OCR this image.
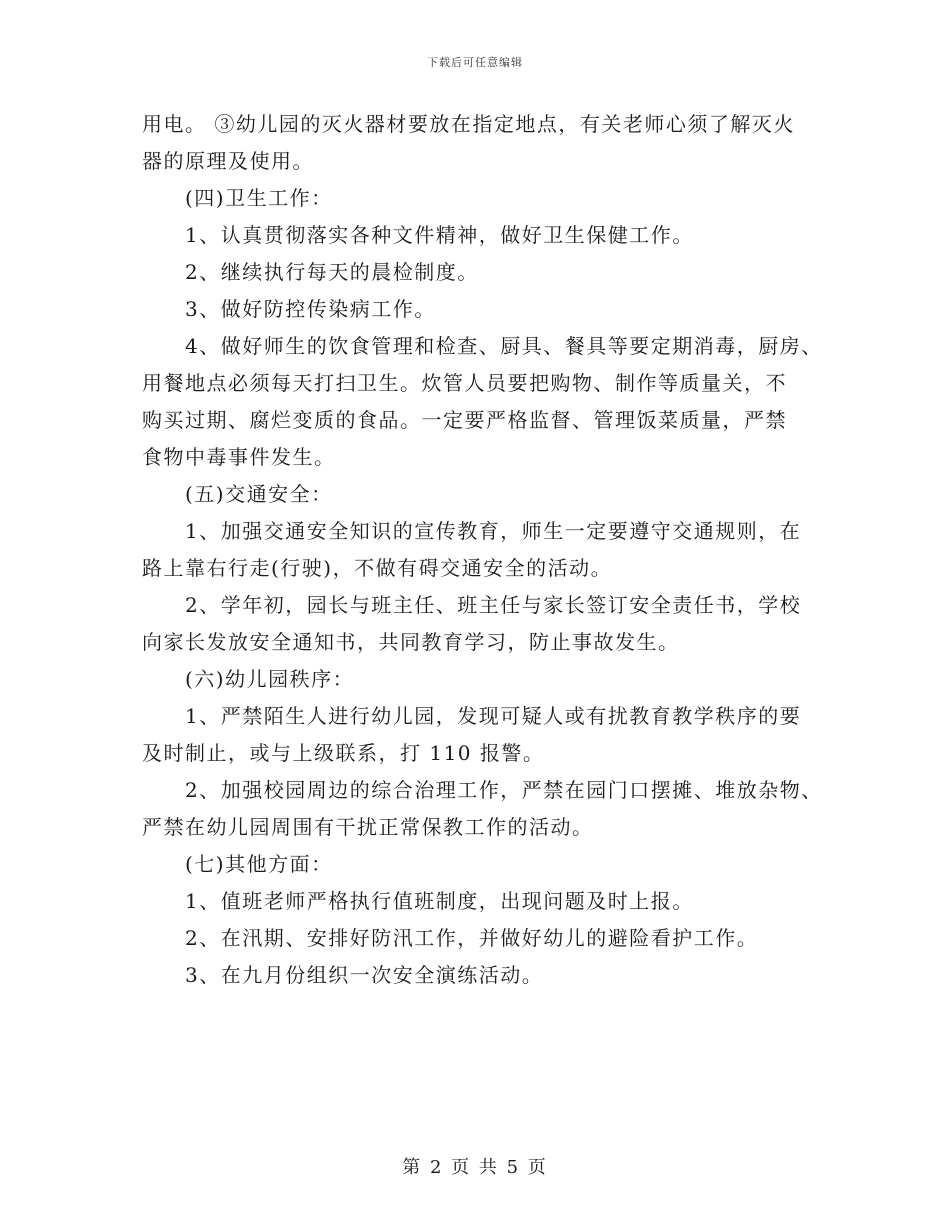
下载后可任意编辑
用电。 ③幼儿园的灭火器材要放在指定地点，有关老师心须了解灭火
器的原理及使用。
(四)卫生工作：
1、认真贯彻落实各种文件精神，做好卫生保健工作。
2、继续执行每天的晨检制度。
3、做好防控传染病工作。
4、做好师生的饮食管理和检查、厨具、餐具等要定期消毒，厨房、
用餐地点必须每天打扫卫生。炊管人员要把购物、制作等质量关，不
购买过期、腐烂变质的食品。一定要严格监督、管理饭菜质量，严禁
食物中毒事件发生。
(五)交通安全：
1、加强交通安全知识的宣传教育，师生一定要遵守交通规则，在
路上靠右行走(行驶)，不做有碍交通安全的活动。
2、学年初，园长与班主任、班主任与家长签订安全责任书，学校
向家长发放安全通知书，共同教育学习，防止事故发生。
(六)幼儿园秩序：
1、严禁陌生人进行幼儿园，发现可疑人或有扰教育教学秩序的要
及时制止，或与上级联系，打 110 报警。
2、加强校园周边的综合治理工作，严禁在园门口摆摊、堆放杂物、
严禁在幼儿园周围有干扰正常保教工作的活动。
(七)其他方面：
1、值班老师严格执行值班制度，出现问题及时上报。
2、在汛期、安排好防汛工作，并做好幼儿的避险看护工作。
3、在九月份组织一次安全演练活动。
第 2 页 共 5 页
